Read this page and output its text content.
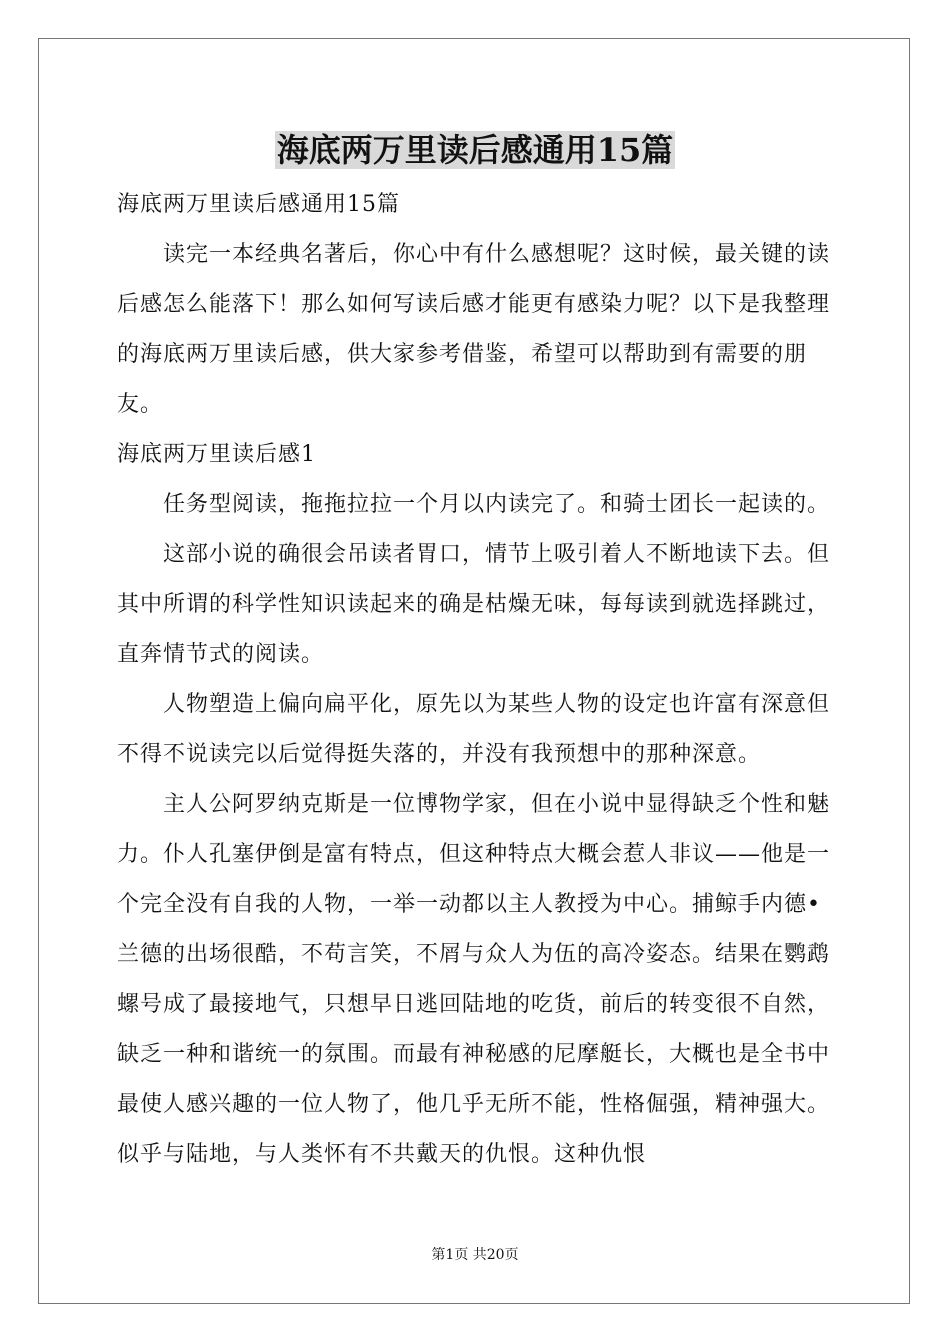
海底两万里读后感通用15篇

海底两万里读后感通用15篇

读完一本经典名著后，你心中有什么感想呢？这时候，最关键的读后感怎么能落下！那么如何写读后感才能更有感染力呢？以下是我整理的海底两万里读后感，供大家参考借鉴，希望可以帮助到有需要的朋友。

海底两万里读后感1

任务型阅读，拖拖拉拉一个月以内读完了。和骑士团长一起读的。

这部小说的确很会吊读者胃口，情节上吸引着人不断地读下去。但其中所谓的科学性知识读起来的确是枯燥无味，每每读到就选择跳过，直奔情节式的阅读。

人物塑造上偏向扁平化，原先以为某些人物的设定也许富有深意但不得不说读完以后觉得挺失落的，并没有我预想中的那种深意。

主人公阿罗纳克斯是一位博物学家，但在小说中显得缺乏个性和魅力。仆人孔塞伊倒是富有特点，但这种特点大概会惹人非议——他是一个完全没有自我的人物，一举一动都以主人教授为中心。捕鲸手内德•兰德的出场很酷，不苟言笑，不屑与众人为伍的高冷姿态。结果在鹦鹉螺号成了最接地气，只想早日逃回陆地的吃货，前后的转变很不自然，缺乏一种和谐统一的氛围。而最有神秘感的尼摩艇长，大概也是全书中最使人感兴趣的一位人物了，他几乎无所不能，性格倔强，精神强大。似乎与陆地，与人类怀有不共戴天的仇恨。这种仇恨

第1页 共20页
